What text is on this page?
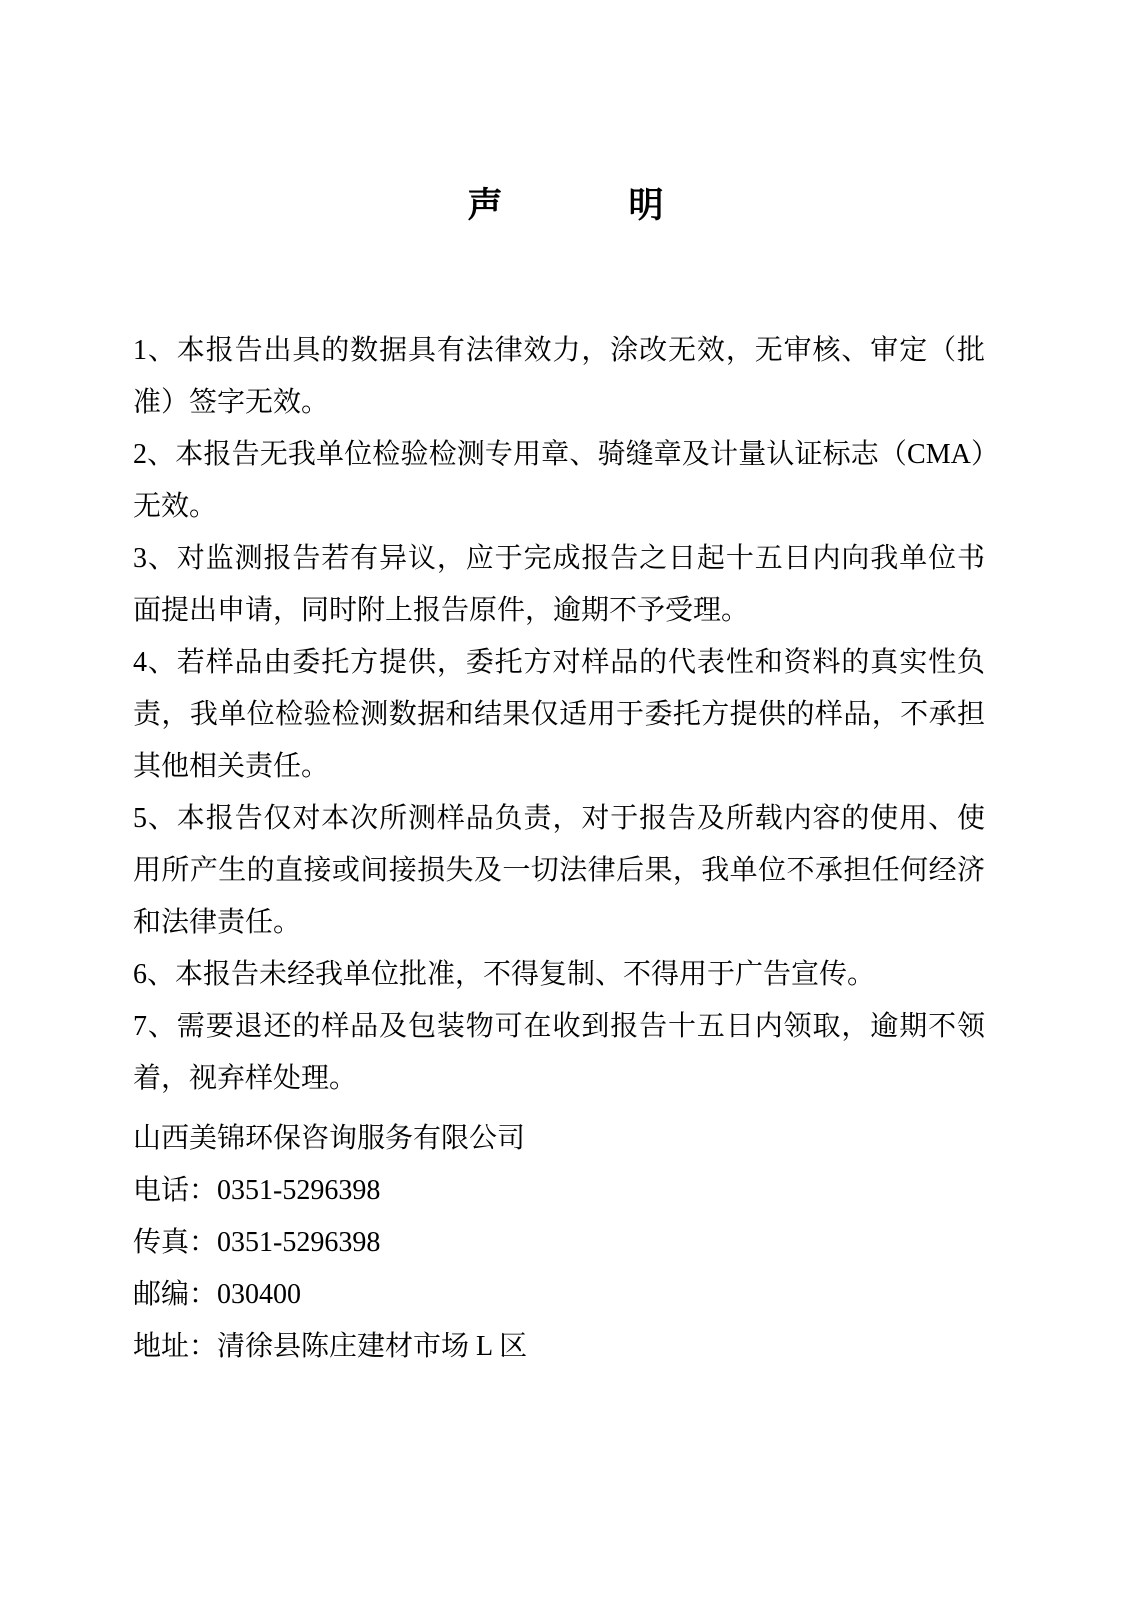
声	明

1、本报告出具的数据具有法律效力，涂改无效，无审核、审定（批准）签字无效。

2、本报告无我单位检验检测专用章、骑缝章及计量认证标志（CMA）无效。

3、对监测报告若有异议，应于完成报告之日起十五日内向我单位书面提出申请，同时附上报告原件，逾期不予受理。

4、若样品由委托方提供，委托方对样品的代表性和资料的真实性负责，我单位检验检测数据和结果仅适用于委托方提供的样品，不承担其他相关责任。

5、本报告仅对本次所测样品负责，对于报告及所载内容的使用、使用所产生的直接或间接损失及一切法律后果，我单位不承担任何经济和法律责任。

6、本报告未经我单位批准，不得复制、不得用于广告宣传。

7、需要退还的样品及包装物可在收到报告十五日内领取，逾期不领着，视弃样处理。

山西美锦环保咨询服务有限公司

电话：0351-5296398

传真：0351-5296398

邮编：030400

地址：清徐县陈庄建材市场 L 区
